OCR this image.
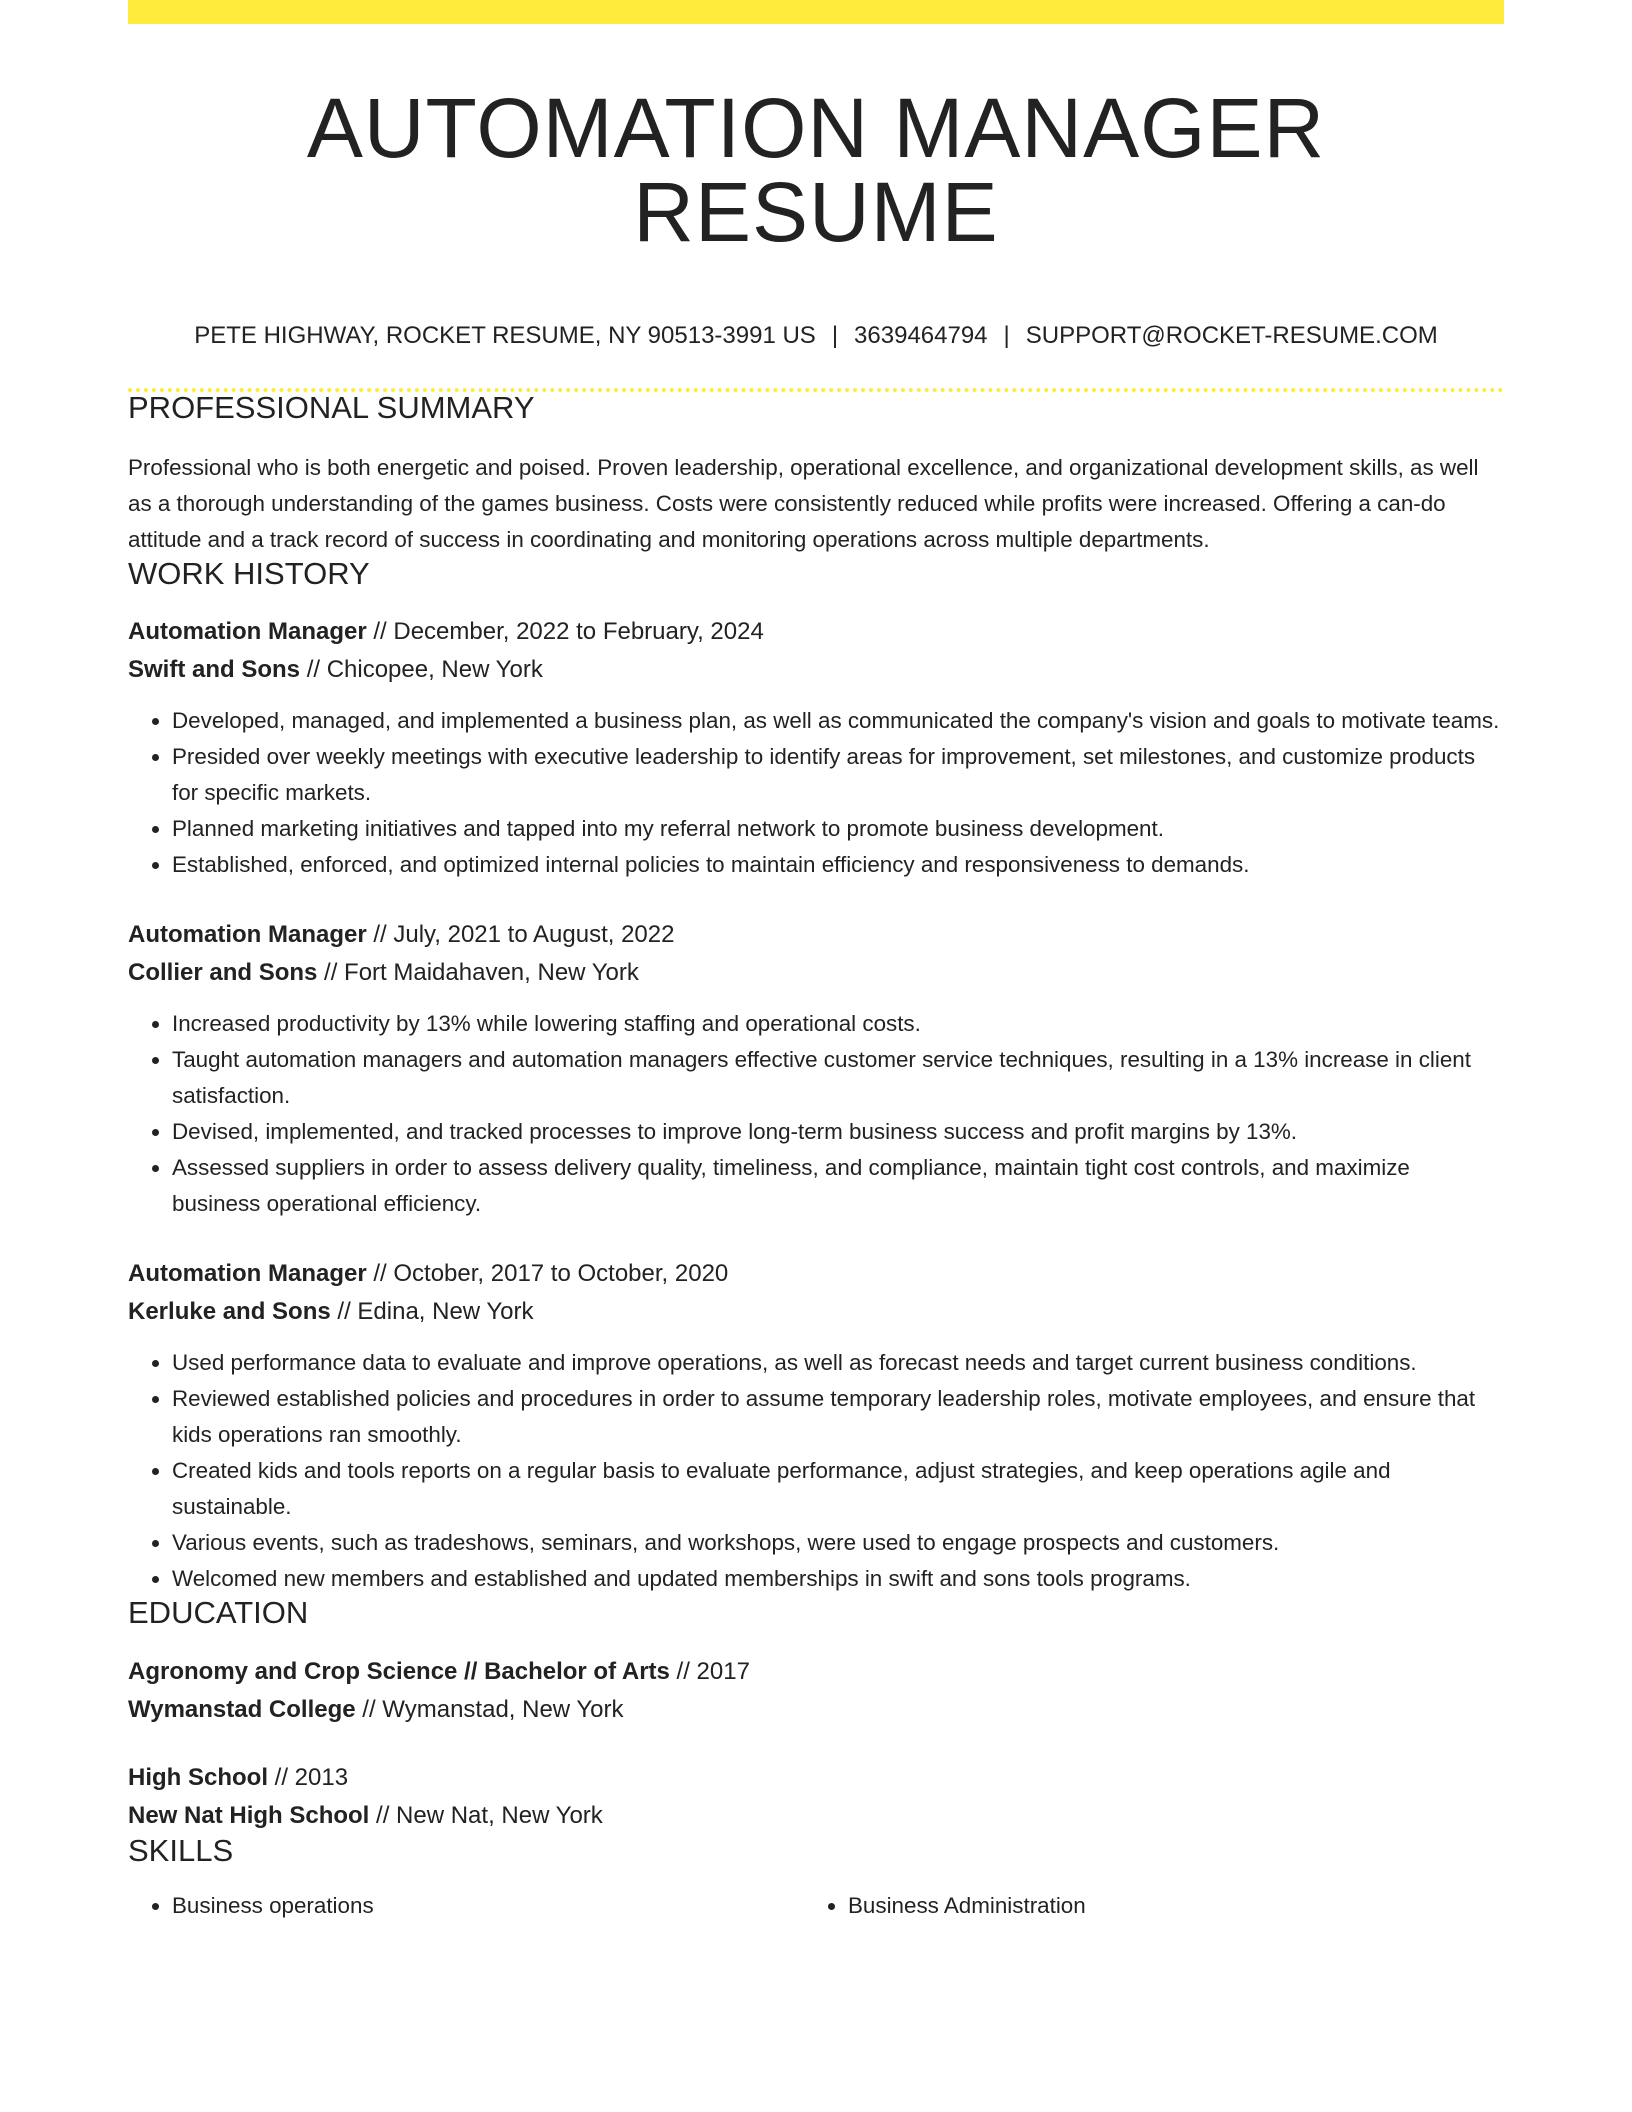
AUTOMATION MANAGER RESUME
PETE HIGHWAY, ROCKET RESUME, NY 90513-3991 US | 3639464794 | SUPPORT@ROCKET-RESUME.COM
PROFESSIONAL SUMMARY

Professional who is both energetic and poised. Proven leadership, operational excellence, and organizational development skills, as well as a thorough understanding of the games business. Costs were consistently reduced while profits were increased. Offering a can-do attitude and a track record of success in coordinating and monitoring operations across multiple departments.

WORK HISTORY
Automation Manager // December, 2022 to February, 2024
Swift and Sons // Chicopee, New York
• Developed, managed, and implemented a business plan, as well as communicated the company's vision and goals to motivate teams.
• Presided over weekly meetings with executive leadership to identify areas for improvement, set milestones, and customize products for specific markets.
• Planned marketing initiatives and tapped into my referral network to promote business development.
• Established, enforced, and optimized internal policies to maintain efficiency and responsiveness to demands.
Automation Manager // July, 2021 to August, 2022
Collier and Sons // Fort Maidahaven, New York
• Increased productivity by 13% while lowering staffing and operational costs.
• Taught automation managers and automation managers effective customer service techniques, resulting in a 13% increase in client satisfaction.
• Devised, implemented, and tracked processes to improve long-term business success and profit margins by 13%.
• Assessed suppliers in order to assess delivery quality, timeliness, and compliance, maintain tight cost controls, and maximize business operational efficiency.
Automation Manager // October, 2017 to October, 2020
Kerluke and Sons // Edina, New York
• Used performance data to evaluate and improve operations, as well as forecast needs and target current business conditions.
• Reviewed established policies and procedures in order to assume temporary leadership roles, motivate employees, and ensure that kids operations ran smoothly.
• Created kids and tools reports on a regular basis to evaluate performance, adjust strategies, and keep operations agile and sustainable.
• Various events, such as tradeshows, seminars, and workshops, were used to engage prospects and customers.
• Welcomed new members and established and updated memberships in swift and sons tools programs.
EDUCATION
Agronomy and Crop Science // Bachelor of Arts // 2017
Wymanstad College // Wymanstad, New York
High School // 2013
New Nat High School // New Nat, New York
SKILLS
• Business operations
•	Business Administration
